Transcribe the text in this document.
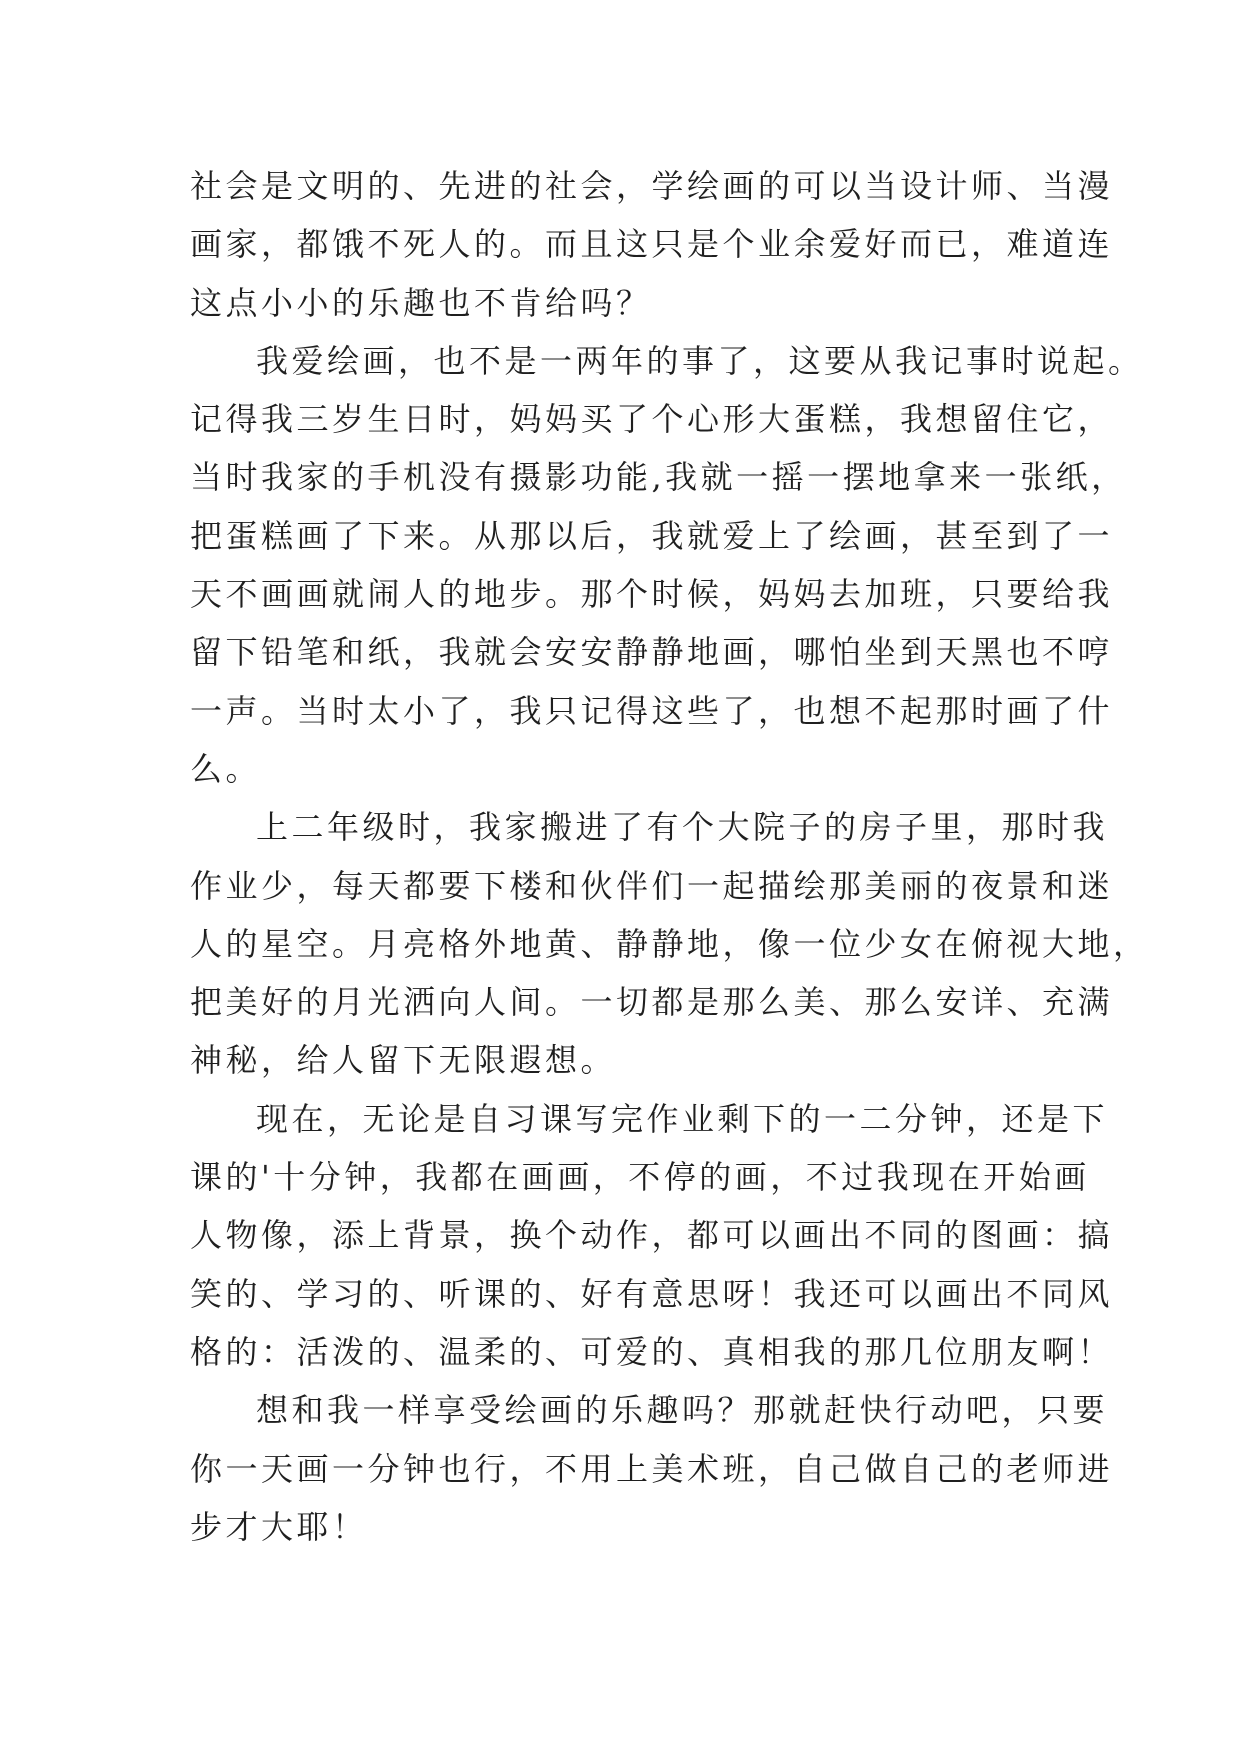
社会是文明的、先进的社会，学绘画的可以当设计师、当漫
画家，都饿不死人的。而且这只是个业余爱好而已，难道连
这点小小的乐趣也不肯给吗？
我爱绘画，也不是一两年的事了，这要从我记事时说起。
记得我三岁生日时，妈妈买了个心形大蛋糕，我想留住它，
当时我家的手机没有摄影功能,我就一摇一摆地拿来一张纸，
把蛋糕画了下来。从那以后，我就爱上了绘画，甚至到了一
天不画画就闹人的地步。那个时候，妈妈去加班，只要给我
留下铅笔和纸，我就会安安静静地画，哪怕坐到天黑也不哼
一声。当时太小了，我只记得这些了，也想不起那时画了什
么。
上二年级时，我家搬进了有个大院子的房子里，那时我
作业少，每天都要下楼和伙伴们一起描绘那美丽的夜景和迷
人的星空。月亮格外地黄、静静地，像一位少女在俯视大地，
把美好的月光洒向人间。一切都是那么美、那么安详、充满
神秘，给人留下无限遐想。
现在，无论是自习课写完作业剩下的一二分钟，还是下
课的'十分钟，我都在画画，不停的画，不过我现在开始画
人物像，添上背景，换个动作，都可以画出不同的图画：搞
笑的、学习的、听课的、好有意思呀！我还可以画出不同风
格的：活泼的、温柔的、可爱的、真相我的那几位朋友啊！
想和我一样享受绘画的乐趣吗？那就赶快行动吧，只要
你一天画一分钟也行，不用上美术班，自己做自己的老师进
步才大耶！
